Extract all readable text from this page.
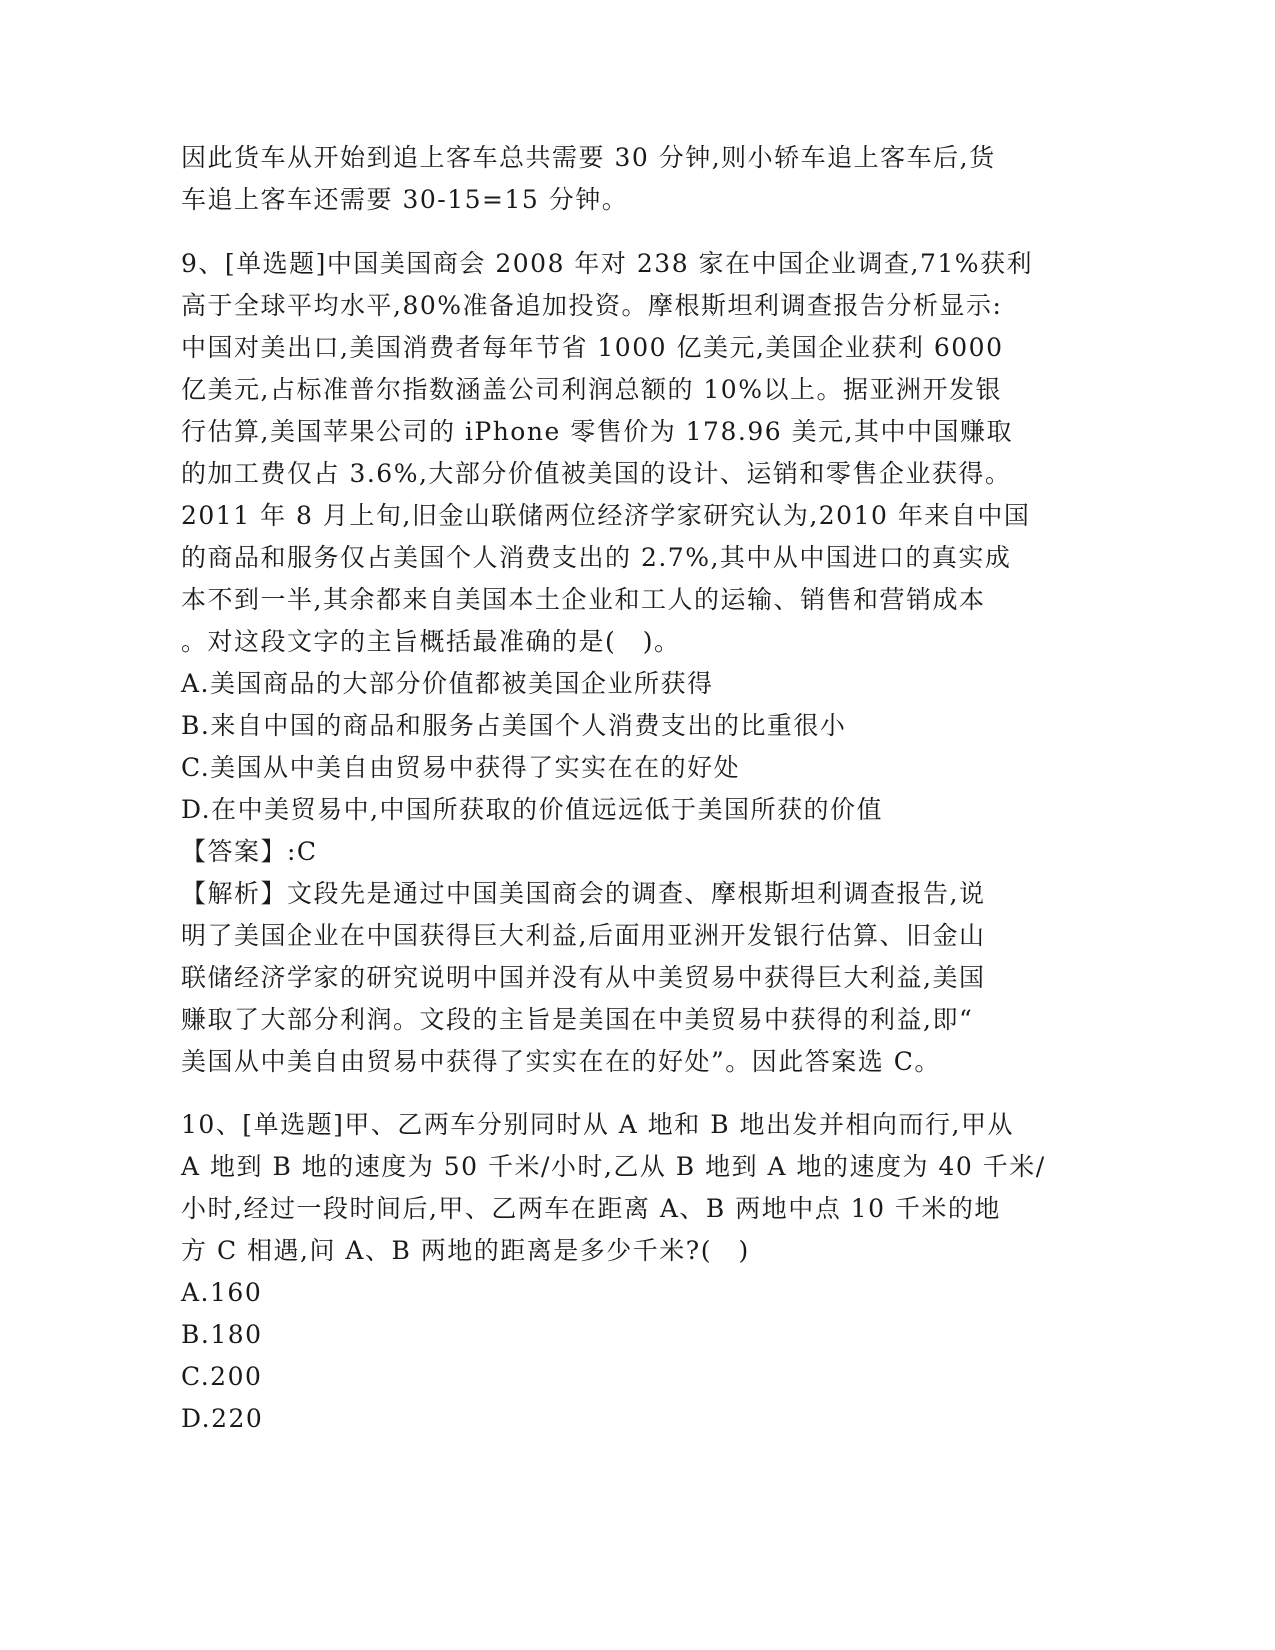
因此货车从开始到追上客车总共需要 30 分钟,则小轿车追上客车后,货
车追上客车还需要 30-15=15 分钟。
9、[单选题]中国美国商会 2008 年对 238 家在中国企业调查,71%获利
高于全球平均水平,80%准备追加投资。摩根斯坦利调查报告分析显示:
中国对美出口,美国消费者每年节省 1000 亿美元,美国企业获利 6000
亿美元,占标准普尔指数涵盖公司利润总额的 10%以上。据亚洲开发银
行估算,美国苹果公司的 iPhone 零售价为 178.96 美元,其中中国赚取
的加工费仅占 3.6%,大部分价值被美国的设计、运销和零售企业获得。
2011 年 8 月上旬,旧金山联储两位经济学家研究认为,2010 年来自中国
的商品和服务仅占美国个人消费支出的 2.7%,其中从中国进口的真实成
本不到一半,其余都来自美国本土企业和工人的运输、销售和营销成本
。对这段文字的主旨概括最准确的是(　)。
A.美国商品的大部分价值都被美国企业所获得
B.来自中国的商品和服务占美国个人消费支出的比重很小
C.美国从中美自由贸易中获得了实实在在的好处
D.在中美贸易中,中国所获取的价值远远低于美国所获的价值
【答案】:C
【解析】文段先是通过中国美国商会的调查、摩根斯坦利调查报告,说
明了美国企业在中国获得巨大利益,后面用亚洲开发银行估算、旧金山
联储经济学家的研究说明中国并没有从中美贸易中获得巨大利益,美国
赚取了大部分利润。文段的主旨是美国在中美贸易中获得的利益,即“
美国从中美自由贸易中获得了实实在在的好处”。因此答案选 C。
10、[单选题]甲、乙两车分别同时从 A 地和 B 地出发并相向而行,甲从
A 地到 B 地的速度为 50 千米/小时,乙从 B 地到 A 地的速度为 40 千米/
小时,经过一段时间后,甲、乙两车在距离 A、B 两地中点 10 千米的地
方 C 相遇,问 A、B 两地的距离是多少千米?(　)
A.160
B.180
C.200
D.220
